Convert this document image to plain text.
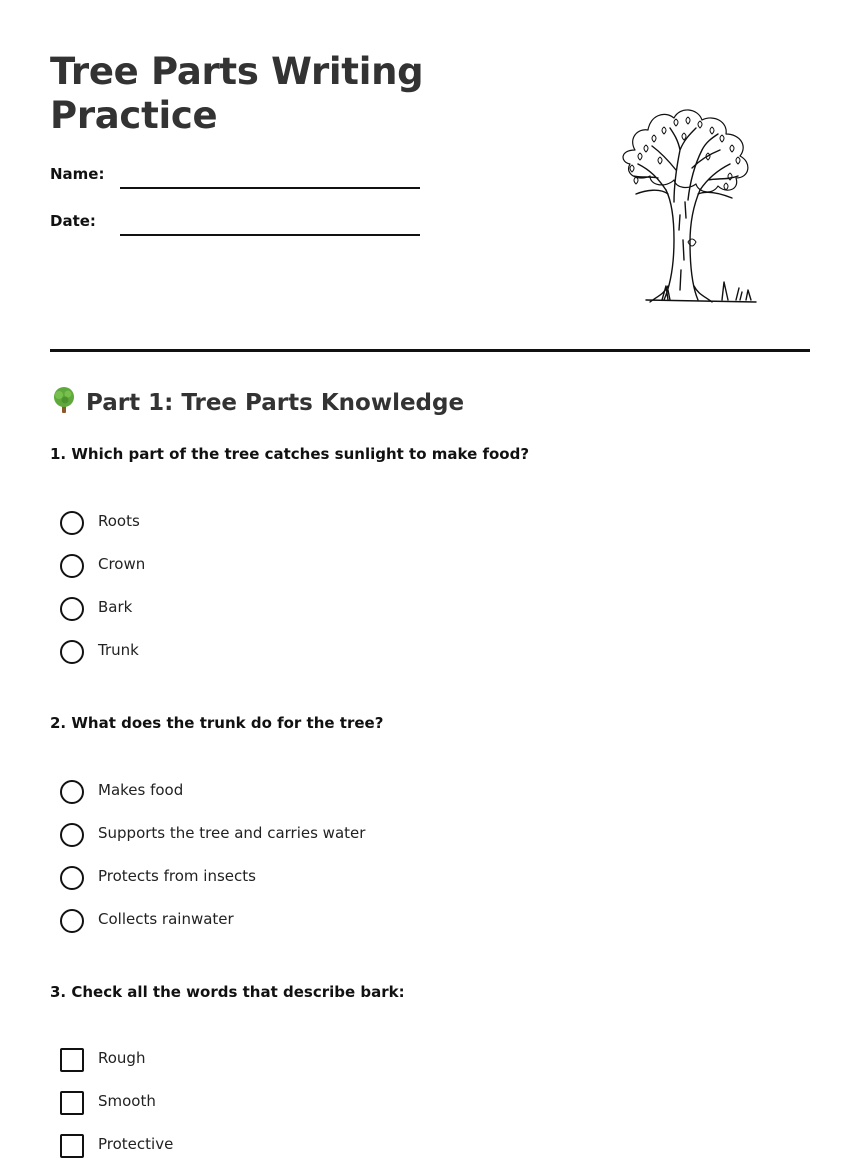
Tree Parts Writing Practice
Name:
Date:
Part 1: Tree Parts Knowledge
1. Which part of the tree catches sunlight to make food?
Roots
Crown
Bark
Trunk
2. What does the trunk do for the tree?
Makes food
Supports the tree and carries water
Protects from insects
Collects rainwater
3. Check all the words that describe bark:
Rough
Smooth
Protective
